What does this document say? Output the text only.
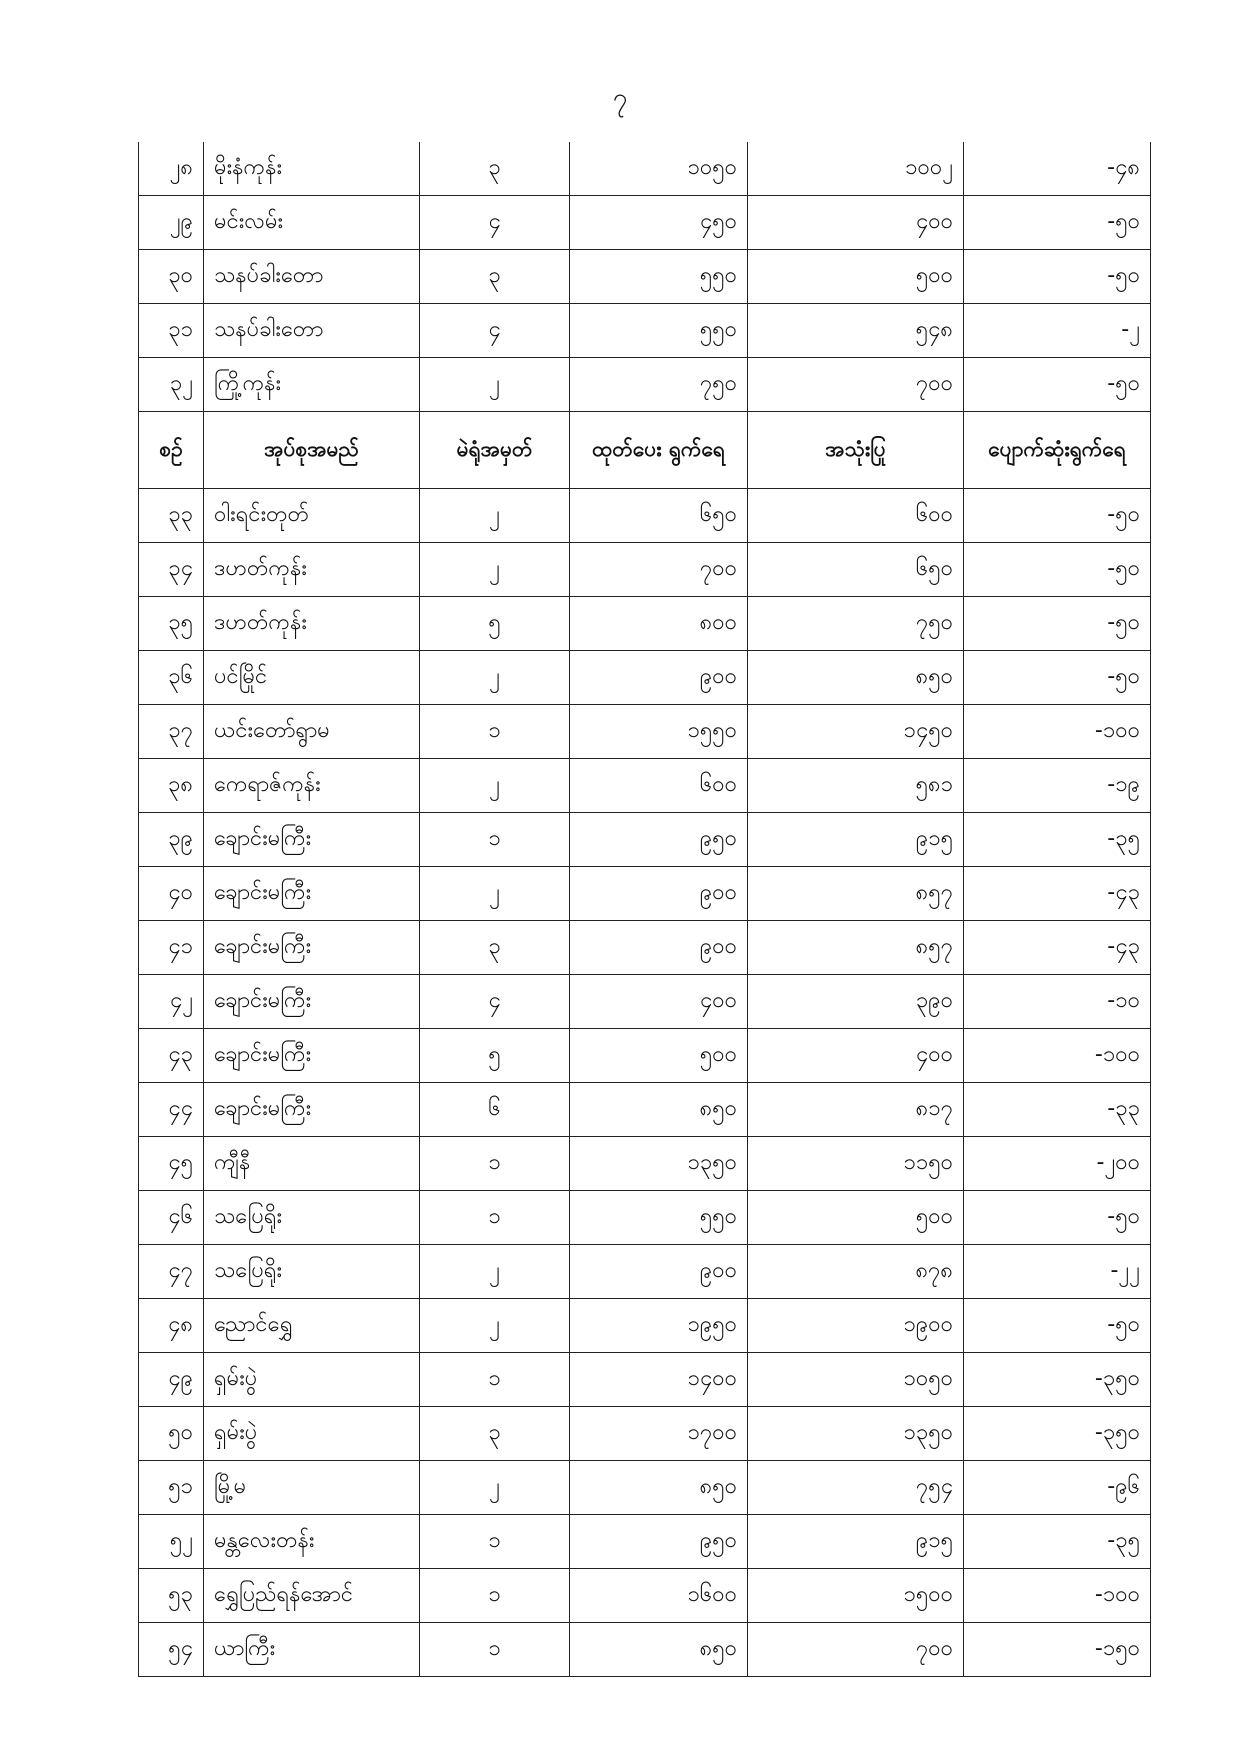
၇
၂၈	မိုးနံကုန်း	၃	၁၀၅၀	၁၀၀၂	-၄၈
၂၉	မင်းလမ်း	၄	၄၅၀	၄၀၀	-၅၀
၃၀	သနပ်ခါးတော	၃	၅၅၀	၅၀၀	-၅၀
၃၁	သနပ်ခါးတော	၄	၅၅၀	၅၄၈	-၂
၃၂	ကြို့ကုန်း	၂	၇၅၀	၇၀၀	-၅၀
စဉ်	အုပ်စုအမည်	မဲရုံအမှတ်	ထုတ်ပေး ရွက်ရေ	အသုံးပြု	ပျောက်ဆုံးရွက်ရေ
၃၃	ဝါးရင်းတုတ်	၂	၆၅၀	၆၀၀	-၅၀
၃၄	ဒဟတ်ကုန်း	၂	၇၀၀	၆၅၀	-၅၀
၃၅	ဒဟတ်ကုန်း	၅	၈၀၀	၇၅၀	-၅၀
၃၆	ပင်မြိုင်	၂	၉၀၀	၈၅၀	-၅၀
၃၇	ယင်းတော်ရွာမ	၁	၁၅၅၀	၁၄၅၀	-၁၀၀
၃၈	ကေရာဇ်ကုန်း	၂	၆၀၀	၅၈၁	-၁၉
၃၉	ချောင်းမကြီး	၁	၉၅၀	၉၁၅	-၃၅
၄၀	ချောင်းမကြီး	၂	၉၀၀	၈၅၇	-၄၃
၄၁	ချောင်းမကြီး	၃	၉၀၀	၈၅၇	-၄၃
၄၂	ချောင်းမကြီး	၄	၄၀၀	၃၉၀	-၁၀
၄၃	ချောင်းမကြီး	၅	၅၀၀	၄၀၀	-၁၀၀
၄၄	ချောင်းမကြီး	၆	၈၅၀	၈၁၇	-၃၃
၄၅	ကျီနီ	၁	၁၃၅၀	၁၁၅၀	-၂၀၀
၄၆	သပြေရိုး	၁	၅၅၀	၅၀၀	-၅၀
၄၇	သပြေရိုး	၂	၉၀၀	၈၇၈	-၂၂
၄၈	ညောင်ရွှေ	၂	၁၉၅၀	၁၉၀၀	-၅၀
၄၉	ရှမ်းပွဲ	၁	၁၄၀၀	၁၀၅၀	-၃၅၀
၅၀	ရှမ်းပွဲ	၃	၁၇၀၀	၁၃၅၀	-၃၅၀
၅၁	မြို့မ	၂	၈၅၀	၇၅၄	-၉၆
၅၂	မန္တလေးတန်း	၁	၉၅၀	၉၁၅	-၃၅
၅၃	ရွှေပြည်ရန်အောင်	၁	၁၆၀၀	၁၅၀၀	-၁၀၀
၅၄	ယာကြီး	၁	၈၅၀	၇၀၀	-၁၅၀
